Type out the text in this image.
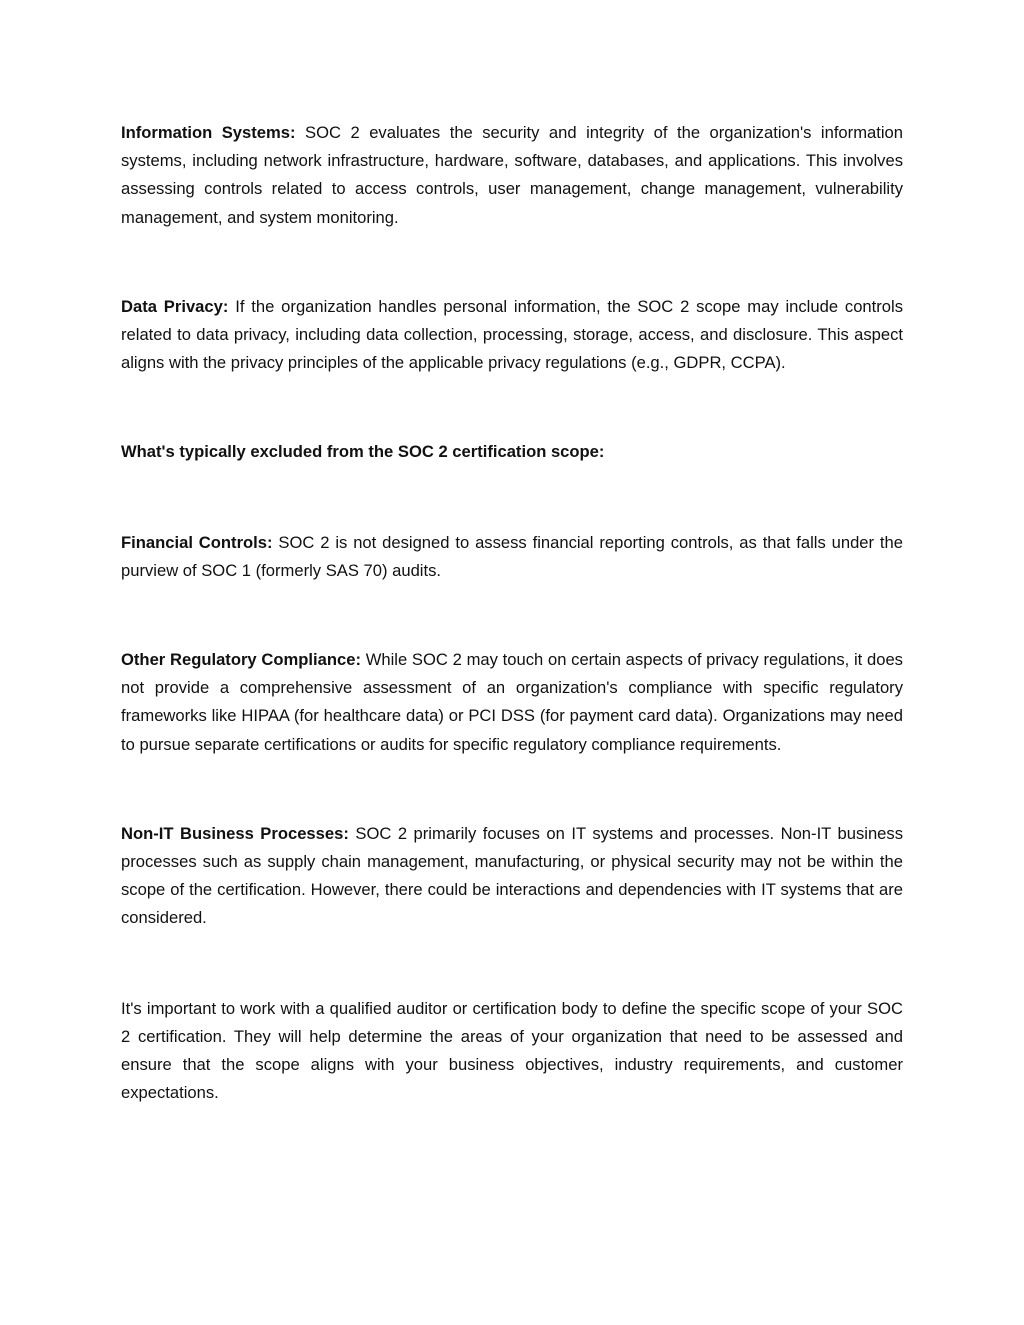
Information Systems: SOC 2 evaluates the security and integrity of the organization's information systems, including network infrastructure, hardware, software, databases, and applications. This involves assessing controls related to access controls, user management, change management, vulnerability management, and system monitoring.

Data Privacy: If the organization handles personal information, the SOC 2 scope may include controls related to data privacy, including data collection, processing, storage, access, and disclosure. This aspect aligns with the privacy principles of the applicable privacy regulations (e.g., GDPR, CCPA).

What's typically excluded from the SOC 2 certification scope:

Financial Controls: SOC 2 is not designed to assess financial reporting controls, as that falls under the purview of SOC 1 (formerly SAS 70) audits.

Other Regulatory Compliance: While SOC 2 may touch on certain aspects of privacy regulations, it does not provide a comprehensive assessment of an organization's compliance with specific regulatory frameworks like HIPAA (for healthcare data) or PCI DSS (for payment card data). Organizations may need to pursue separate certifications or audits for specific regulatory compliance requirements.

Non-IT Business Processes: SOC 2 primarily focuses on IT systems and processes. Non-IT business processes such as supply chain management, manufacturing, or physical security may not be within the scope of the certification. However, there could be interactions and dependencies with IT systems that are considered.

It's important to work with a qualified auditor or certification body to define the specific scope of your SOC 2 certification. They will help determine the areas of your organization that need to be assessed and ensure that the scope aligns with your business objectives, industry requirements, and customer expectations.
